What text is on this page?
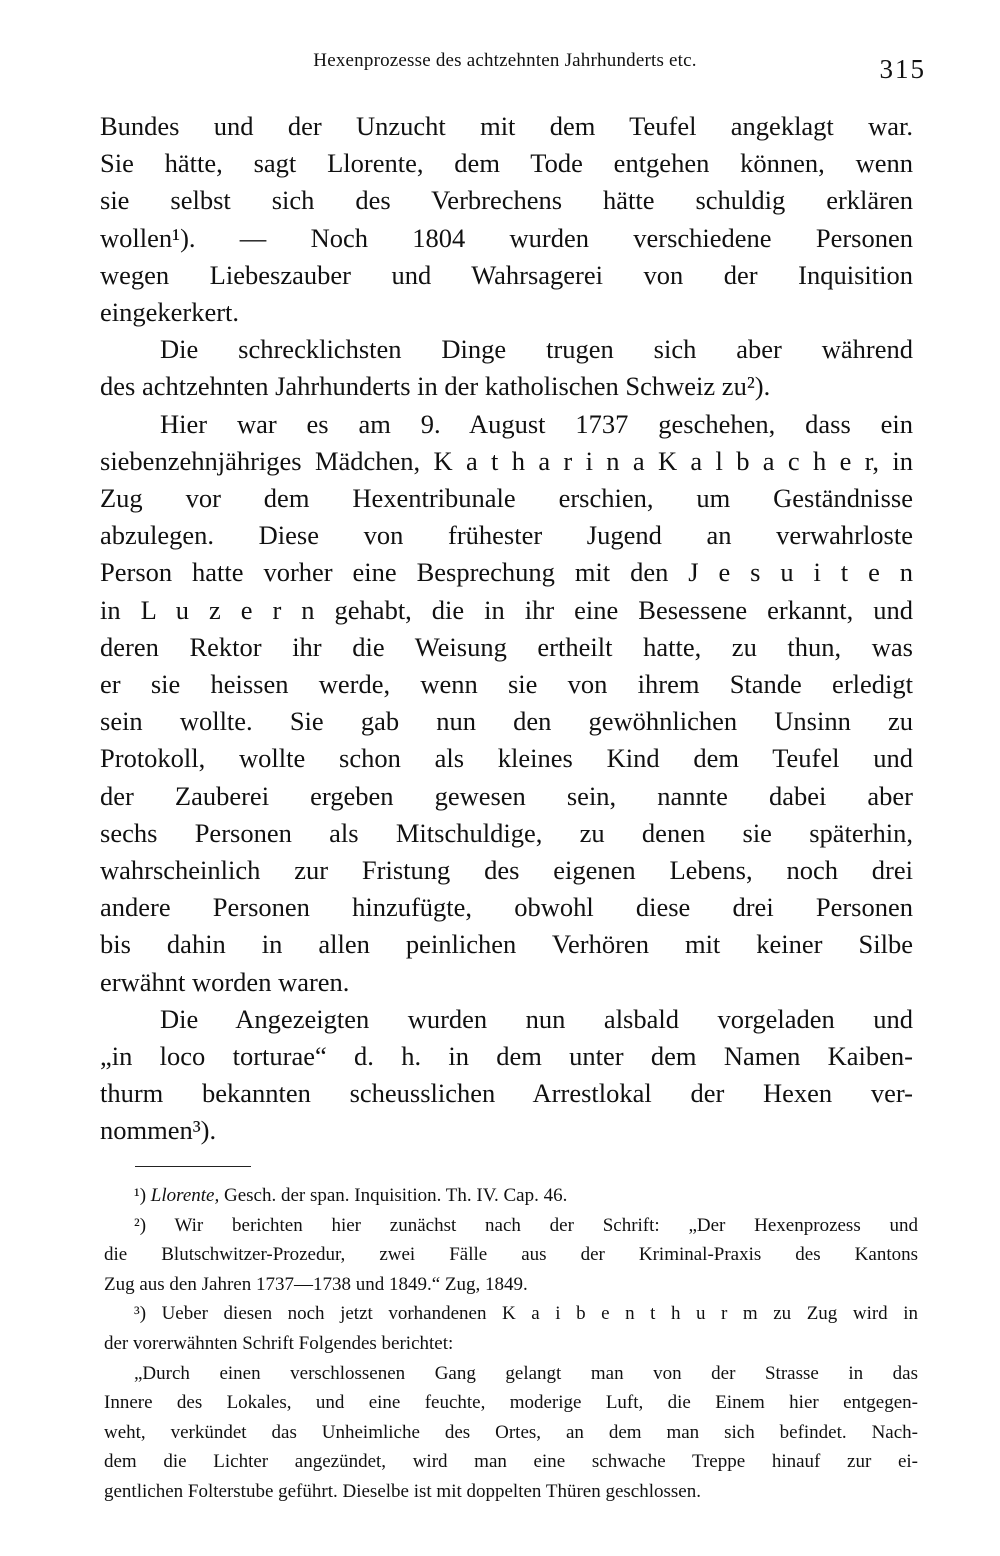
Hexenprozesse des achtzehnten Jahrhunderts etc.	315
Bundes und der Unzucht mit dem Teufel angeklagt war.
Sie hätte, sagt Llorente, dem Tode entgehen können, wenn
sie selbst sich des Verbrechens hätte schuldig erklären
wollen¹). — Noch 1804 wurden verschiedene Personen
wegen Liebeszauber und Wahrsagerei von der Inquisition
eingekerkert.
Die schrecklichsten Dinge trugen sich aber während
des achtzehnten Jahrhunderts in der katholischen Schweiz zu²).
Hier war es am 9. August 1737 geschehen, dass ein
siebenzehnjähriges Mädchen, K a t h a r i n a K a l b a c h e r, in
Zug vor dem Hexentribunale erschien, um Geständnisse
abzulegen. Diese von frühester Jugend an verwahrloste
Person hatte vorher eine Besprechung mit den J e s u i t e n
in L u z e r n gehabt, die in ihr eine Besessene erkannt, und
deren Rektor ihr die Weisung ertheilt hatte, zu thun, was
er sie heissen werde, wenn sie von ihrem Stande erledigt
sein wollte. Sie gab nun den gewöhnlichen Unsinn zu
Protokoll, wollte schon als kleines Kind dem Teufel und
der Zauberei ergeben gewesen sein, nannte dabei aber
sechs Personen als Mitschuldige, zu denen sie späterhin,
wahrscheinlich zur Fristung des eigenen Lebens, noch drei
andere Personen hinzufügte, obwohl diese drei Personen
bis dahin in allen peinlichen Verhören mit keiner Silbe
erwähnt worden waren.
Die Angezeigten wurden nun alsbald vorgeladen und
„in loco torturae“ d. h. in dem unter dem Namen Kaiben-
thurm bekannten scheusslichen Arrestlokal der Hexen ver-
nommen³).
¹) Llorente, Gesch. der span. Inquisition. Th. IV. Cap. 46.
²) Wir berichten hier zunächst nach der Schrift: „Der Hexenprozess und
die Blutschwitzer-Prozedur, zwei Fälle aus der Kriminal-Praxis des Kantons
Zug aus den Jahren 1737—1738 und 1849.“ Zug, 1849.
³) Ueber diesen noch jetzt vorhandenen K a i b e n t h u r m zu Zug wird in
der vorerwähnten Schrift Folgendes berichtet:
„Durch einen verschlossenen Gang gelangt man von der Strasse in das
Innere des Lokales, und eine feuchte, moderige Luft, die Einem hier entgegen-
weht, verkündet das Unheimliche des Ortes, an dem man sich befindet. Nach-
dem die Lichter angezündet, wird man eine schwache Treppe hinauf zur ei-
gentlichen Folterstube geführt. Dieselbe ist mit doppelten Thüren geschlossen.
